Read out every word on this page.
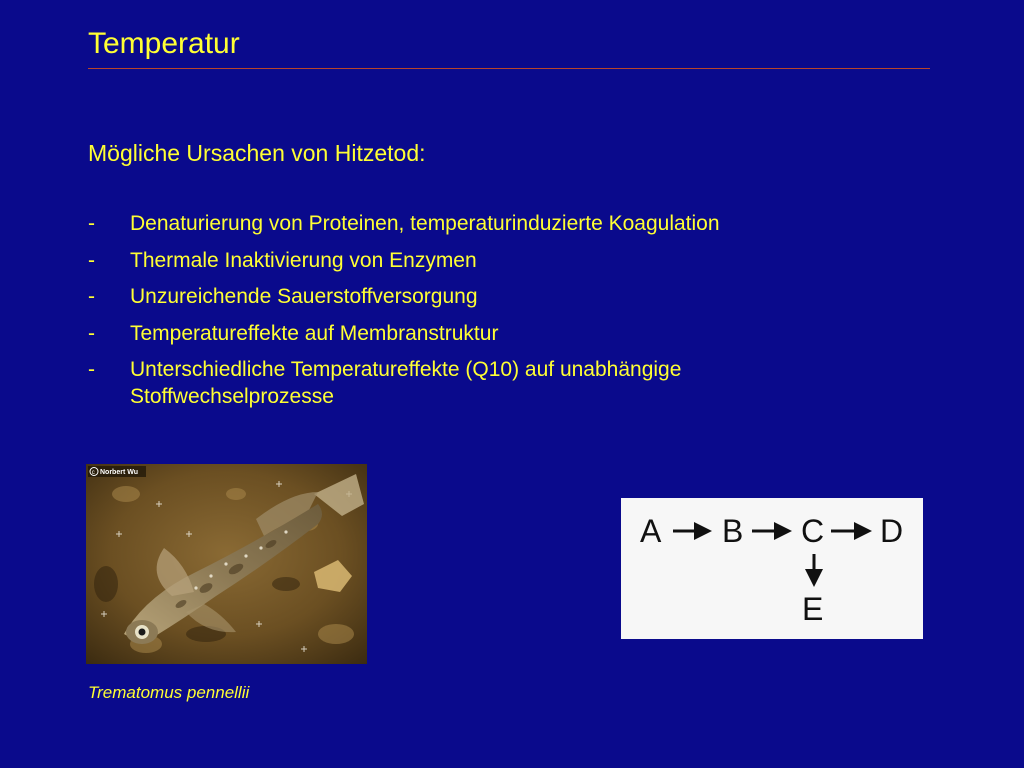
Temperatur
Mögliche Ursachen von Hitzetod:
- Denaturierung von Proteinen, temperaturinduzierte Koagulation
- Thermale Inaktivierung von Enzymen
- Unzureichende Sauerstoffversorgung
- Temperatureffekte auf Membranstruktur
- Unterschiedliche Temperatureffekte (Q10) auf unabhängige Stoffwechselprozesse
c Norbert Wu
Trematomus pennellii
A B C D
E
